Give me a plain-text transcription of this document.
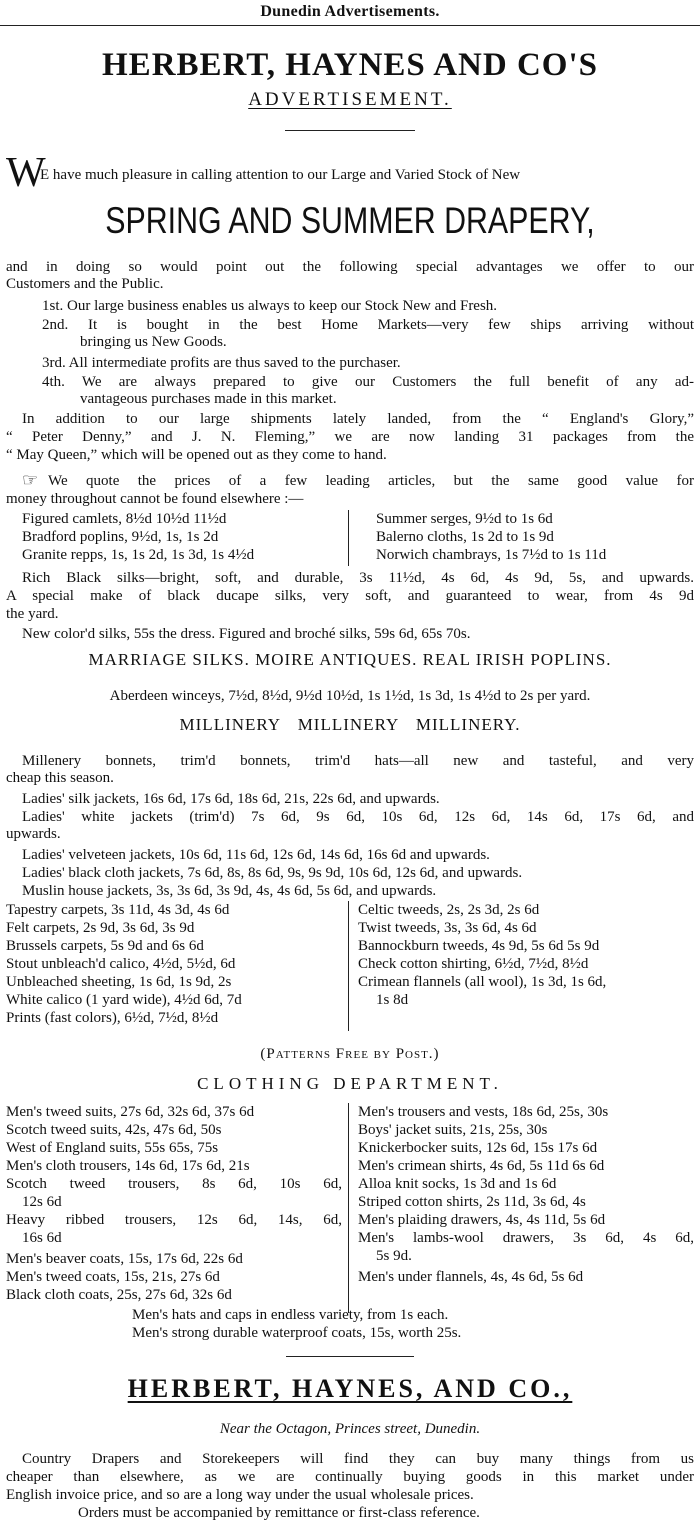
Dunedin Advertisements.
HERBERT, HAYNES AND CO'S
ADVERTISEMENT.
W
E have much pleasure in calling attention to our Large and Varied Stock of New
SPRING AND SUMMER DRAPERY,
and in doing so would point out the following special advantages we offer to our
Customers and the Public.
1st. Our large business enables us always to keep our Stock New and Fresh.
2nd. It is bought in the best Home Markets—very few ships arriving without
bringing us New Goods.
3rd. All intermediate profits are thus saved to the purchaser.
4th. We are always prepared to give our Customers the full benefit of any ad-
vantageous purchases made in this market.
In addition to our large shipments lately landed, from the “ England's Glory,”
“ Peter Denny,” and J. N. Fleming,” we are now landing 31 packages from the
“ May Queen,” which will be opened out as they come to hand.
☞ We quote the prices of a few leading articles, but the same good value for
money throughout cannot be found elsewhere :—
Figured camlets, 8½d 10½d 11½d
Bradford poplins, 9½d, 1s, 1s 2d
Granite repps, 1s, 1s 2d, 1s 3d, 1s 4½d
Summer serges, 9½d to 1s 6d
Balerno cloths, 1s 2d to 1s 9d
Norwich chambrays, 1s 7½d to 1s 11d
Rich Black silks—bright, soft, and durable, 3s 11½d, 4s 6d, 4s 9d, 5s, and upwards.
A special make of black ducape silks, very soft, and guaranteed to wear, from 4s 9d
the yard.
New color'd silks, 55s the dress. Figured and broché silks, 59s 6d, 65s 70s.
MARRIAGE SILKS. MOIRE ANTIQUES. REAL IRISH POPLINS.
Aberdeen winceys, 7½d, 8½d, 9½d 10½d, 1s 1½d, 1s 3d, 1s 4½d to 2s per yard.
MILLINERY MILLINERY MILLINERY.
Millenery bonnets, trim'd bonnets, trim'd hats—all new and tasteful, and very
cheap this season.
Ladies' silk jackets, 16s 6d, 17s 6d, 18s 6d, 21s, 22s 6d, and upwards.
Ladies' white jackets (trim'd) 7s 6d, 9s 6d, 10s 6d, 12s 6d, 14s 6d, 17s 6d, and
upwards.
Ladies' velveteen jackets, 10s 6d, 11s 6d, 12s 6d, 14s 6d, 16s 6d and upwards.
Ladies' black cloth jackets, 7s 6d, 8s, 8s 6d, 9s, 9s 9d, 10s 6d, 12s 6d, and upwards.
Muslin house jackets, 3s, 3s 6d, 3s 9d, 4s, 4s 6d, 5s 6d, and upwards.
Tapestry carpets, 3s 11d, 4s 3d, 4s 6d
Felt carpets, 2s 9d, 3s 6d, 3s 9d
Brussels carpets, 5s 9d and 6s 6d
Stout unbleach'd calico, 4½d, 5½d, 6d
Unbleached sheeting, 1s 6d, 1s 9d, 2s
White calico (1 yard wide), 4½d 6d, 7d
Prints (fast colors), 6½d, 7½d, 8½d
Celtic tweeds, 2s, 2s 3d, 2s 6d
Twist tweeds, 3s, 3s 6d, 4s 6d
Bannockburn tweeds, 4s 9d, 5s 6d 5s 9d
Check cotton shirting, 6½d, 7½d, 8½d
Crimean flannels (all wool), 1s 3d, 1s 6d,
1s 8d
(Patterns Free by Post.)
CLOTHING DEPARTMENT.
Men's tweed suits, 27s 6d, 32s 6d, 37s 6d
Scotch tweed suits, 42s, 47s 6d, 50s
West of England suits, 55s 65s, 75s
Men's cloth trousers, 14s 6d, 17s 6d, 21s
Scotch tweed trousers, 8s 6d, 10s 6d,
12s 6d
Heavy ribbed trousers, 12s 6d, 14s, 6d,
16s 6d
Men's beaver coats, 15s, 17s 6d, 22s 6d
Men's tweed coats, 15s, 21s, 27s 6d
Black cloth coats, 25s, 27s 6d, 32s 6d
Men's trousers and vests, 18s 6d, 25s, 30s
Boys' jacket suits, 21s, 25s, 30s
Knickerbocker suits, 12s 6d, 15s 17s 6d
Men's crimean shirts, 4s 6d, 5s 11d 6s 6d
Alloa knit socks, 1s 3d and 1s 6d
Striped cotton shirts, 2s 11d, 3s 6d, 4s
Men's plaiding drawers, 4s, 4s 11d, 5s 6d
Men's lambs-wool drawers, 3s 6d, 4s 6d,
5s 9d.
Men's under flannels, 4s, 4s 6d, 5s 6d
Men's hats and caps in endless variety, from 1s each.
Men's strong durable waterproof coats, 15s, worth 25s.
HERBERT, HAYNES, AND CO.,
Near the Octagon, Princes street, Dunedin.
Country Drapers and Storekeepers will find they can buy many things from us
cheaper than elsewhere, as we are continually buying goods in this market under
English invoice price, and so are a long way under the usual wholesale prices.
Orders must be accompanied by remittance or first-class reference.
